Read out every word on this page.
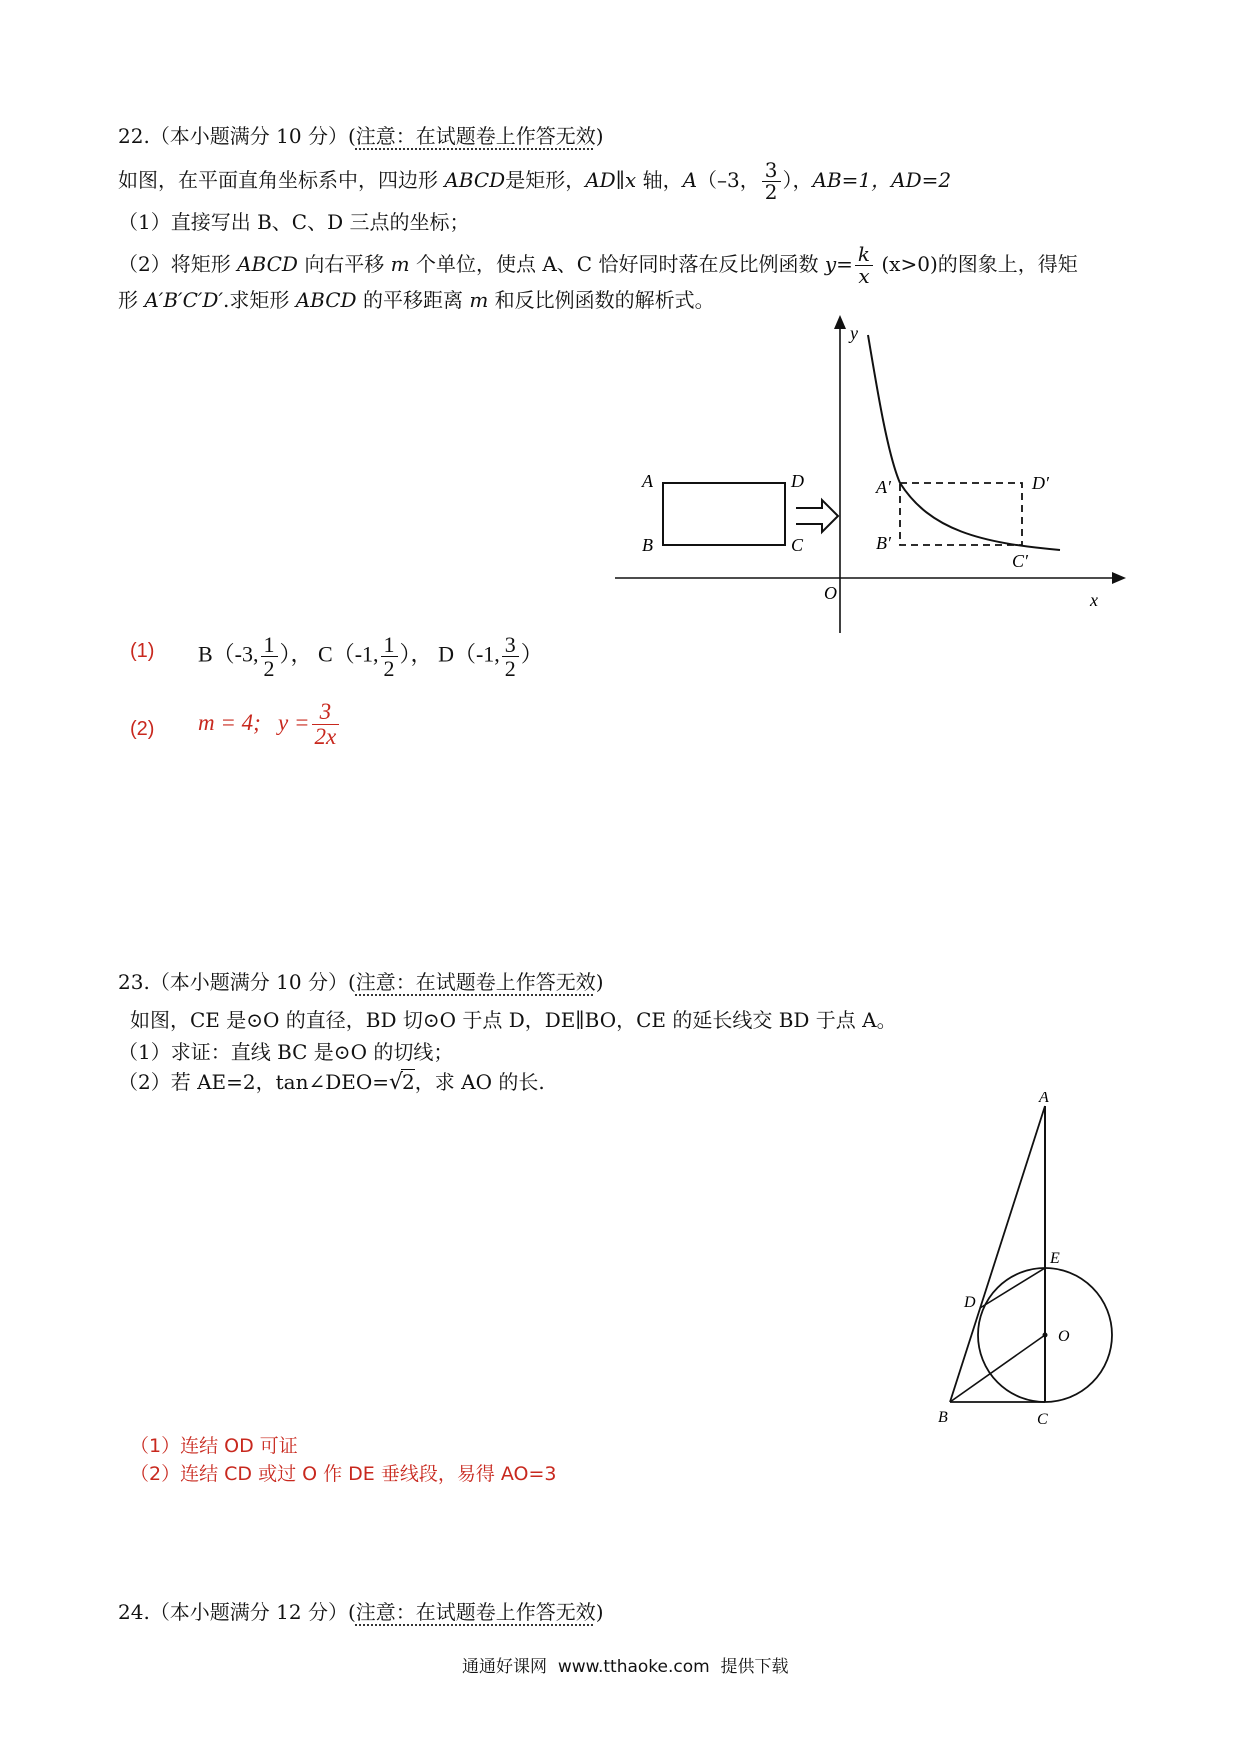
22.（本小题满分 10 分）(注意：在试题卷上作答无效)
如图，在平面直角坐标系中，四边形 ABCD是矩形，AD∥x 轴，A（–3， $\frac{3}{2}$ ），AB=1，AD=2
（1）直接写出 B、C、D 三点的坐标；
（2）将矩形 ABCD 向右平移 m 个单位，使点 A、C 恰好同时落在反比例函数 $y= \frac{k}{x} (x>0)$的图象上，得矩
形 A′B′C′D′.求矩形 ABCD 的平移距离 m 和反比例函数的解析式。
A
B	C
D	A′
B′
C′
D′
O	x
y
(1) B（-3, $\frac{1}{2}$ ）， C（-1, $\frac{1}{2}$ ）， D（-1, $\frac{3}{2}$ ）
(2) m = 4; $y = \frac{3}{2x}$
23.（本小题满分 10 分）(注意：在试题卷上作答无效)
如图，CE 是⊙O 的直径，BD 切⊙O 于点 D，DE∥BO，CE 的延长线交 BD 于点 A。
（1）求证：直线 BC 是⊙O 的切线；
（2）若 AE=2，tan∠DEO=√2，求 AO 的长.
A
B	C
D
E
O
（1）连结 OD 可证
（2）连结 CD 或过 O 作 DE 垂线段，易得 AO=3
24.（本小题满分 12 分）(注意：在试题卷上作答无效)
通通好课网 www.tthaoke.com 提供下载
